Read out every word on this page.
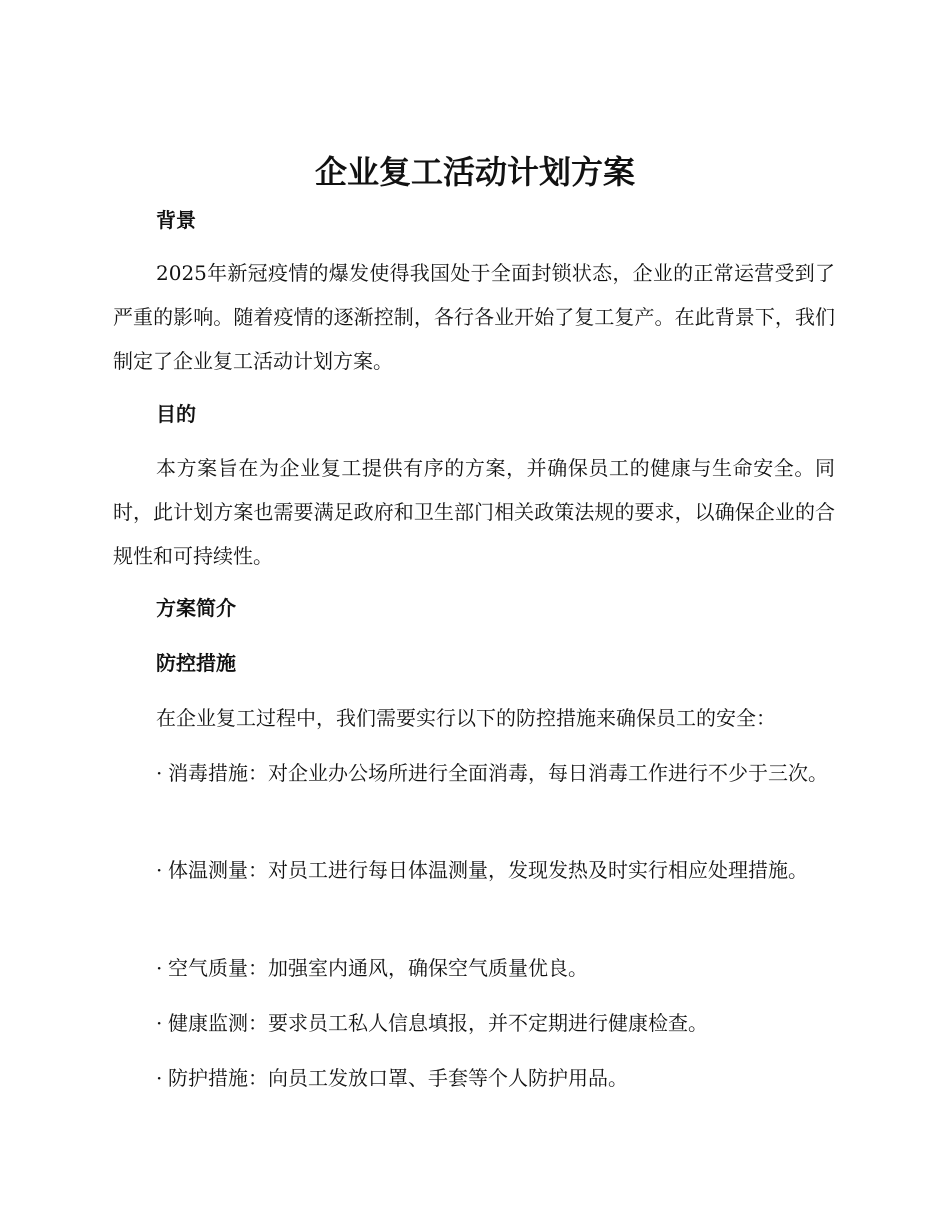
企业复工活动计划方案
背景

2025年新冠疫情的爆发使得我国处于全面封锁状态，企业的正常运营受到了严重的影响。随着疫情的逐渐控制，各行各业开始了复工复产。在此背景下，我们制定了企业复工活动计划方案。

目的

本方案旨在为企业复工提供有序的方案，并确保员工的健康与生命安全。同时，此计划方案也需要满足政府和卫生部门相关政策法规的要求，以确保企业的合规性和可持续性。

方案简介
防控措施

在企业复工过程中，我们需要实行以下的防控措施来确保员工的安全：

· 消毒措施：对企业办公场所进行全面消毒，每日消毒工作进行不少于三次。

· 体温测量：对员工进行每日体温测量，发现发热及时实行相应处理措施。

· 空气质量：加强室内通风，确保空气质量优良。

· 健康监测：要求员工私人信息填报，并不定期进行健康检查。

· 防护措施：向员工发放口罩、手套等个人防护用品。
